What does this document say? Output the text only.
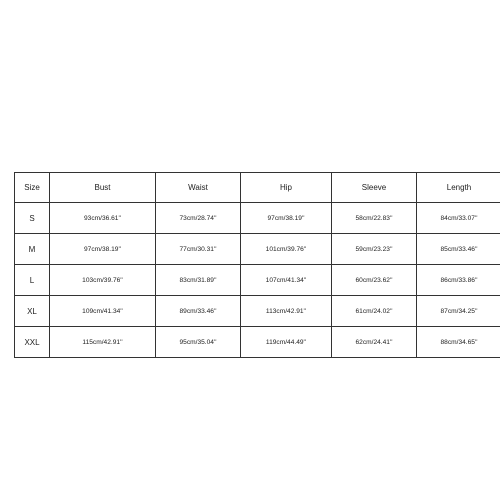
Size	Bust	Waist	Hip	Sleeve	Length
S	93cm/36.61''	73cm/28.74''	97cm/38.19''	58cm/22.83''	84cm/33.07''
M	97cm/38.19''	77cm/30.31''	101cm/39.76''	59cm/23.23''	85cm/33.46''
L	103cm/39.76''	83cm/31.89''	107cm/41.34''	60cm/23.62''	86cm/33.86''
XL	109cm/41.34''	89cm/33.46''	113cm/42.91''	61cm/24.02''	87cm/34.25''
XXL	115cm/42.91''	95cm/35.04''	119cm/44.49''	62cm/24.41''	88cm/34.65''
